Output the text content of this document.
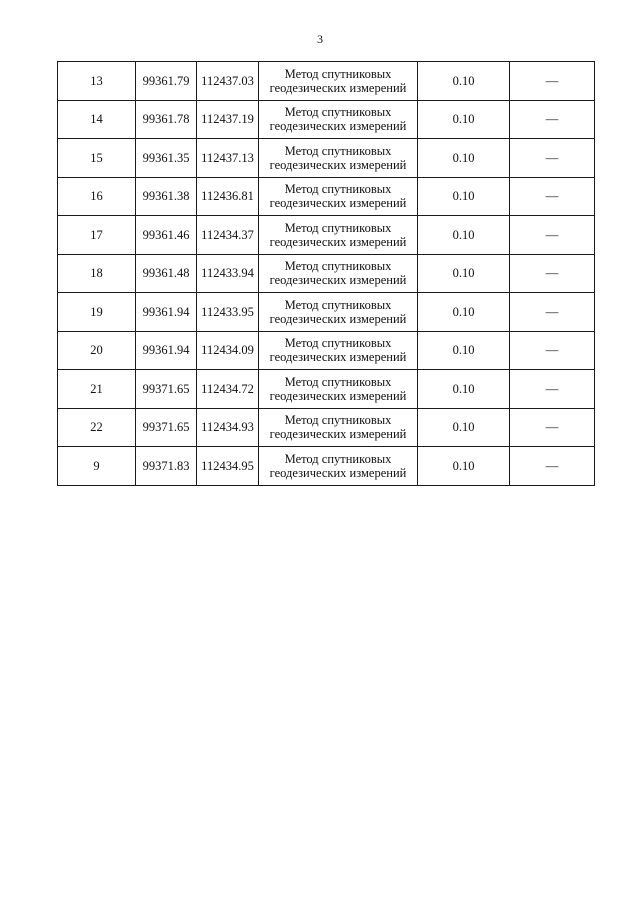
3
13	99361.79	112437.03	Метод спутниковых
геодезических измерений	0.10	—
14	99361.78	112437.19	Метод спутниковых
геодезических измерений	0.10	—
15	99361.35	112437.13	Метод спутниковых
геодезических измерений	0.10	—
16	99361.38	112436.81	Метод спутниковых
геодезических измерений	0.10	—
17	99361.46	112434.37	Метод спутниковых
геодезических измерений	0.10	—
18	99361.48	112433.94	Метод спутниковых
геодезических измерений	0.10	—
19	99361.94	112433.95	Метод спутниковых
геодезических измерений	0.10	—
20	99361.94	112434.09	Метод спутниковых
геодезических измерений	0.10	—
21	99371.65	112434.72	Метод спутниковых
геодезических измерений	0.10	—
22	99371.65	112434.93	Метод спутниковых
геодезических измерений	0.10	—
9	99371.83	112434.95	Метод спутниковых
геодезических измерений	0.10	—
